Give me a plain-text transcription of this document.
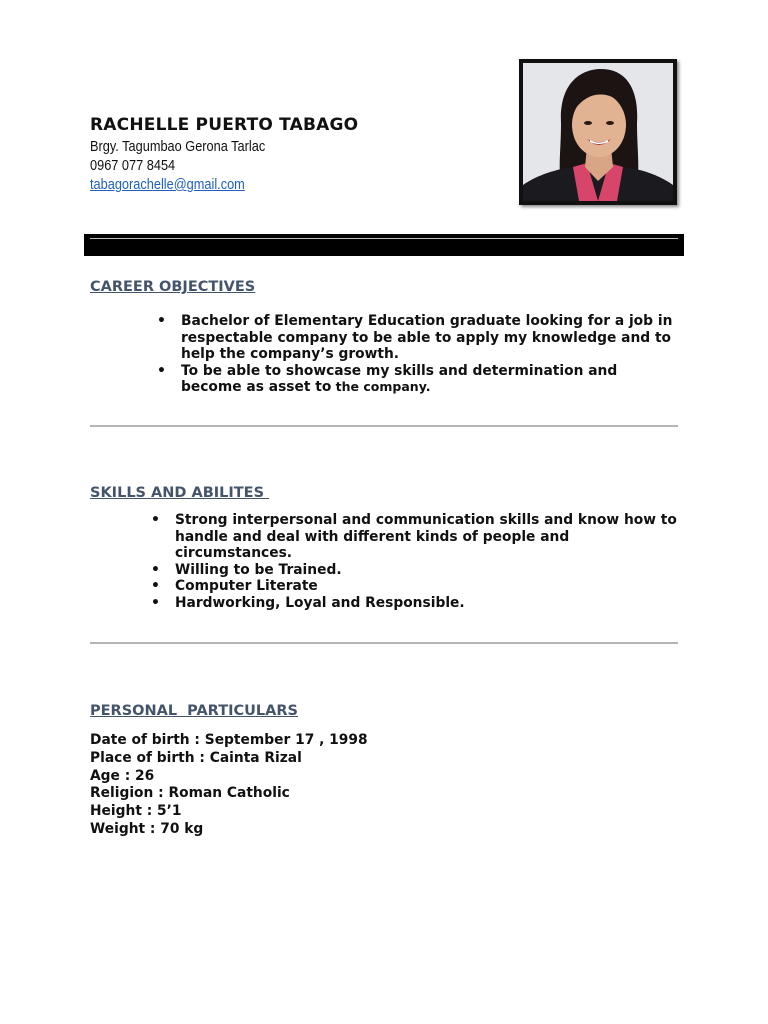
RACHELLE PUERTO TABAGO
Brgy. Tagumbao Gerona Tarlac
0967 077 8454
tabagorachelle@gmail.com
CAREER OBJECTIVES
• Bachelor of Elementary Education graduate looking for a job in respectable company to be able to apply my knowledge and to help the company’s growth.
• To be able to showcase my skills and determination and become as asset to the company.
SKILLS AND ABILITES
• Strong interpersonal and communication skills and know how to handle and deal with different kinds of people and circumstances.
• Willing to be Trained.
• Computer Literate
• Hardworking, Loyal and Responsible.
PERSONAL  PARTICULARS
Date of birth : September 17 , 1998
Place of birth : Cainta Rizal
Age : 26
Religion : Roman Catholic
Height : 5’1
Weight : 70 kg
